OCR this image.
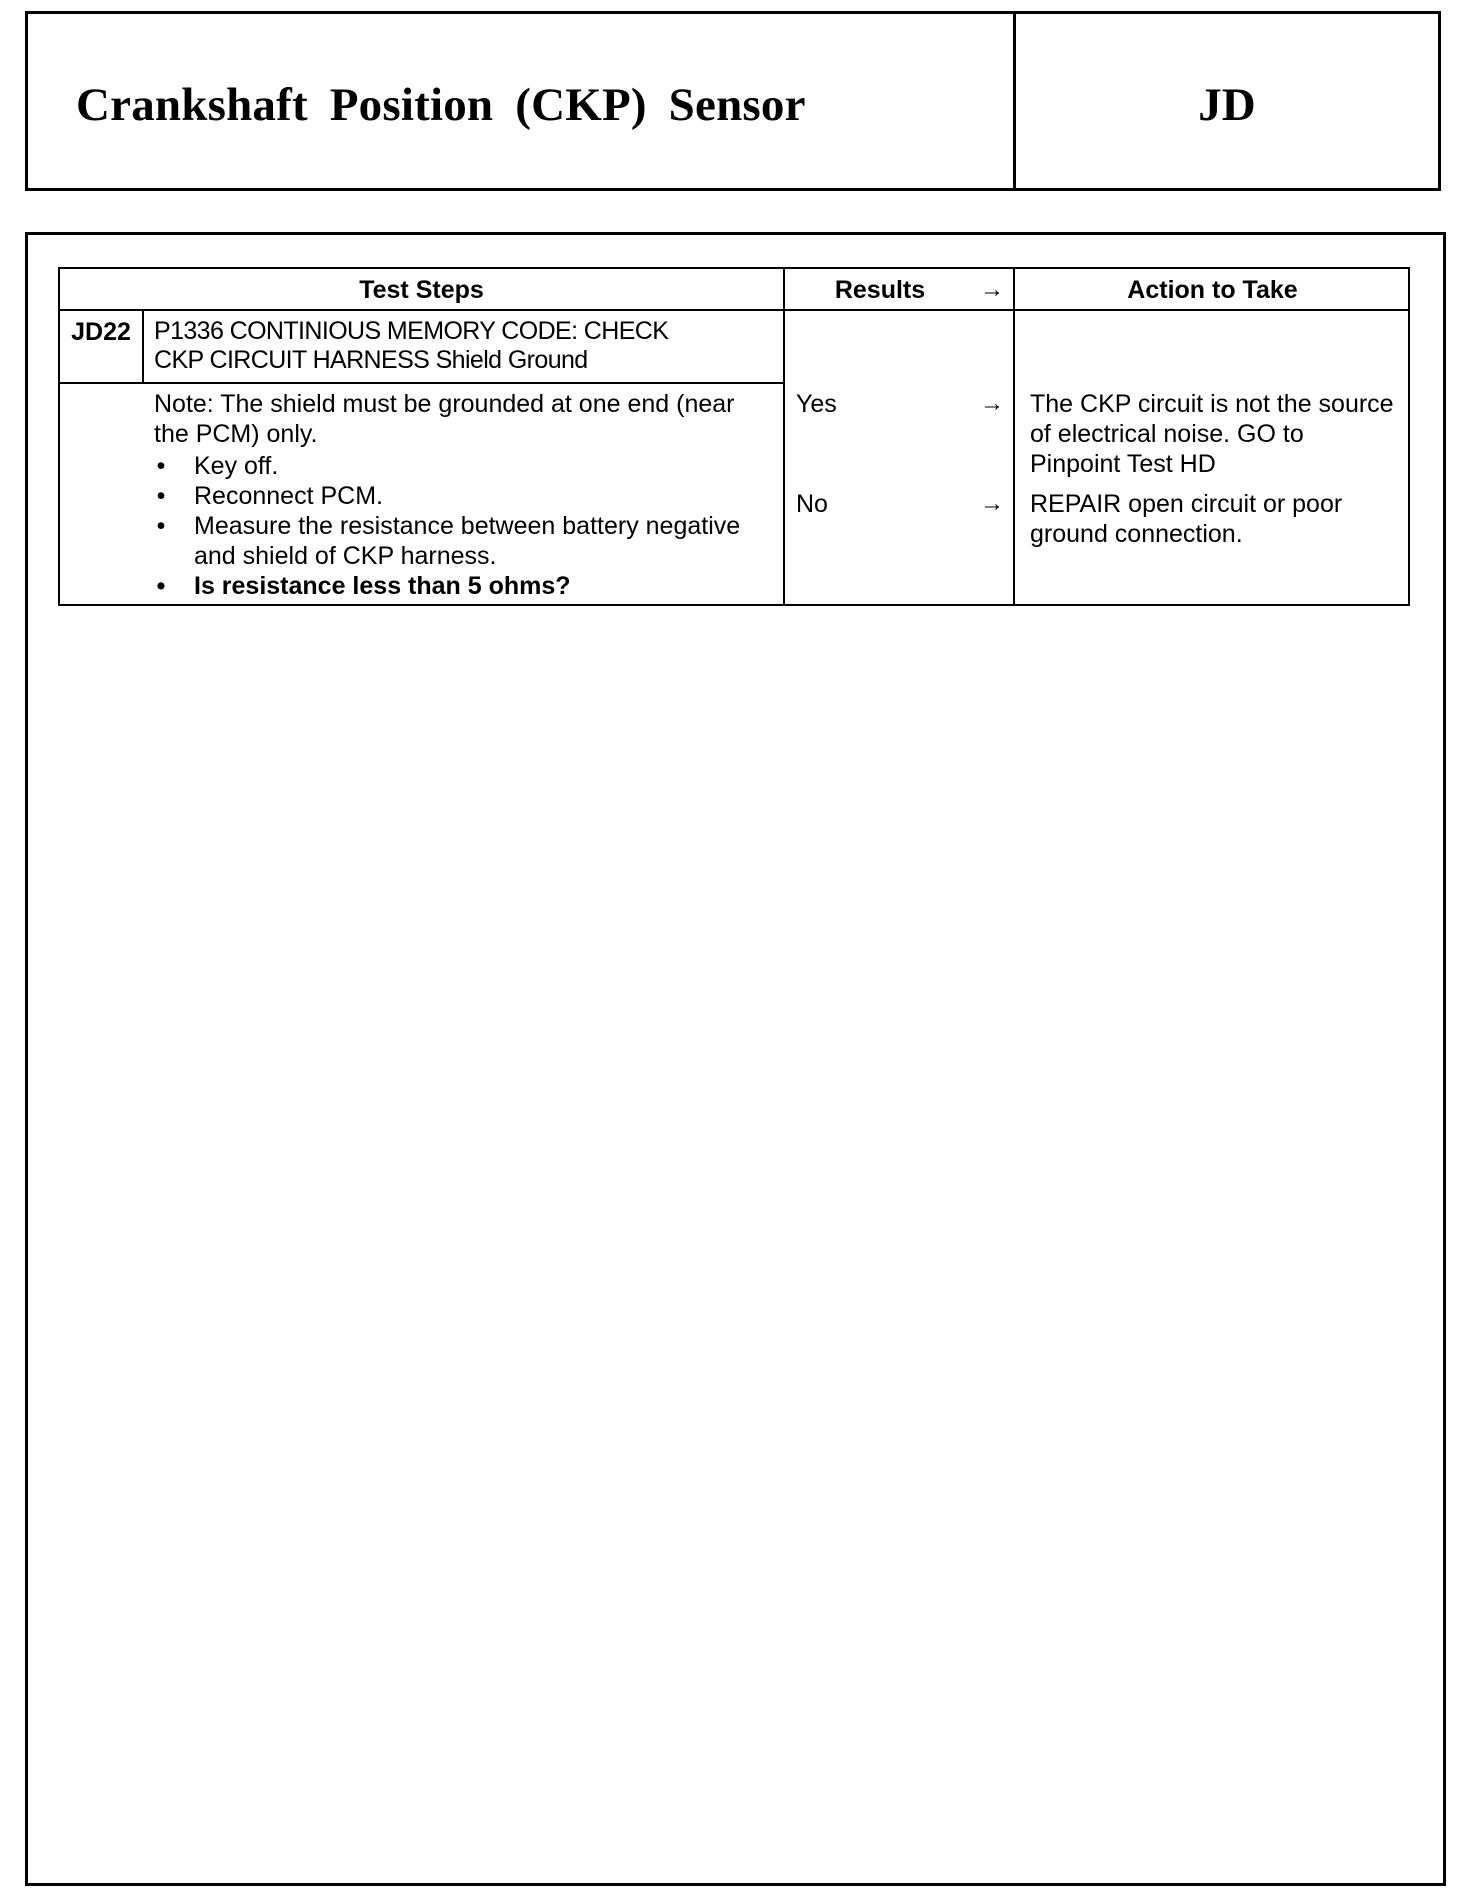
Crankshaft Position (CKP) Sensor	JD
Test Steps	Results	→	Action to Take
JD22 P1336 CONTINIOUS MEMORY CODE: CHECK
CKP CIRCUIT HARNESS Shield Ground

Note: The shield must be grounded at one end (near the PCM) only.

• Key off.
• Reconnect PCM.
• Measure the resistance between battery negative and shield of CKP harness.
• Is resistance less than 5 ohms?
Yes	→ The CKP circuit is not the source of electrical noise. GO to Pinpoint Test HD
No	→ REPAIR open circuit or poor ground connection.
